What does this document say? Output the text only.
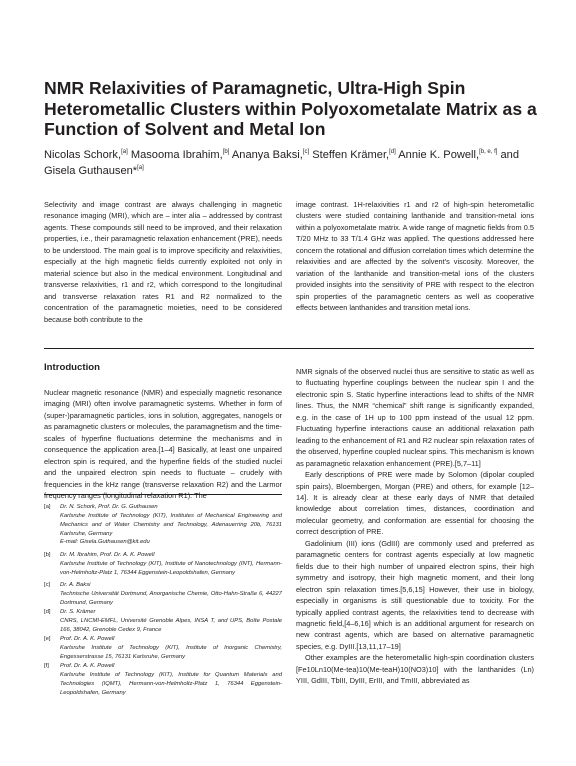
NMR Relaxivities of Paramagnetic, Ultra-High Spin Heterometallic Clusters within Polyoxometalate Matrix as a Function of Solvent and Metal Ion
Nicolas Schork,[a] Masooma Ibrahim,[b] Ananya Baksi,[c] Steffen Krämer,[d] Annie K. Powell,[b, e, f] and Gisela Guthausen*[a]

Selectivity and image contrast are always challenging in magnetic resonance imaging (MRI), which are – inter alia – addressed by contrast agents. These compounds still need to be improved, and their relaxation properties, i.e., their paramagnetic relaxation enhancement (PRE), needs to be understood. The main goal is to improve specificity and relaxivities, especially at the high magnetic fields currently exploited not only in material science but also in the medical environment. Longitudinal and transverse relaxivities, r1 and r2, which correspond to the longitudinal and transverse relaxation rates R1 and R2 normalized to the concentration of the paramagnetic moieties, need to be considered because both contribute to the

image contrast. 1H-relaxivities r1 and r2 of high-spin heterometallic clusters were studied containing lanthanide and transition-metal ions within a polyoxometalate matrix. A wide range of magnetic fields from 0.5 T/20 MHz to 33 T/1.4 GHz was applied. The questions addressed here concern the rotational and diffusion correlation times which determine the relaxivities and are affected by the solvent's viscosity. Moreover, the variation of the lanthanide and transition-metal ions of the clusters provided insights into the sensitivity of PRE with respect to the electron spin properties of the paramagnetic centers as well as cooperative effects between lanthanides and transition metal ions.

Introduction

Nuclear magnetic resonance (NMR) and especially magnetic resonance imaging (MRI) often involve paramagnetic systems. Whether in form of (super-)paramagnetic particles, ions in solution, aggregates, nanogels or as paramagnetic clusters or molecules, the paramagnetism and the time-scales of hyperfine fluctuations determine the mechanisms and in consequence the application area.[1–4] Basically, at least one unpaired electron spin is required, and the hyperfine fields of the studied nuclei and the unpaired electron spin needs to fluctuate – crudely with frequencies in the kHz range (transverse relaxation R2) and the Larmor frequency ranges (longitudinal relaxation R1). The

[a] Dr. N. Schork, Prof. Dr. G. Guthausen
Karlsruhe Institute of Technology (KIT), Institutes of Mechanical Engineering and Mechanics and of Water Chemistry and Technology, Adenauerring 20b, 76131 Karlsruhe, Germany
E-mail: Gisela.Guthausen@kit.edu
[b] Dr. M. Ibrahim, Prof. Dr. A. K. Powell
Karlsruhe Institute of Technology (KIT), Institute of Nanotechnology (INT), Hermann-von-Helmholtz-Platz 1, 76344 Eggenstein-Leopoldshafen, Germany
[c] Dr. A. Baksi
Technische Universität Dortmund, Anorganische Chemie, Otto-Hahn-Straße 6, 44227 Dortmund, Germany
[d] Dr. S. Krämer
CNRS, LNCMI-EMFL, Université Grenoble Alpes, INSA T, and UPS, Boîte Postale 166, 38042, Grenoble Cedex 9, France
[e] Prof. Dr. A. K. Powell
Karlsruhe Institute of Technology (KIT), Institute of Inorganic Chemistry, Engesserstrasse 15, 76131 Karlsruhe, Germany
[f] Prof. Dr. A. K. Powell
Karlsruhe Institute of Technology (KIT), Institute for Quantum Materials and Technologies (IQMT), Hermann-von-Helmholtz-Platz 1, 76344 Eggenstein-Leopoldshafen, Germany

NMR signals of the observed nuclei thus are sensitive to static as well as to fluctuating hyperfine couplings between the nuclear spin I and the electronic spin S. Static hyperfine interactions lead to shifts of the NMR lines. Thus, the NMR “chemical” shift range is significantly expanded, e.g. in the case of 1H up to 100 ppm instead of the usual 12 ppm. Fluctuating hyperfine interactions cause an additional relaxation path leading to the enhancement of R1 and R2 nuclear spin relaxation rates of the observed, hyperfine coupled nuclear spins. This mechanism is known as paramagnetic relaxation enhancement (PRE).[5,7–11]

Early descriptions of PRE were made by Solomon (dipolar coupled spin pairs), Bloembergen, Morgan (PRE) and others, for example [12–14]. It is already clear at these early days of NMR that detailed knowledge about correlation times, distances, coordination and molecular geometry, and conformation are essential for choosing the correct description of PRE.

Gadolinium (III) ions (GdIII) are commonly used and preferred as paramagnetic centers for contrast agents especially at low magnetic fields due to their high number of unpaired electron spins, their high symmetry and isotropy, their high magnetic moment, and their long electron spin relaxation times.[5,6,15] However, their use in biology, especially in organisms is still questionable due to toxicity. For the typically applied contrast agents, the relaxivities tend to decrease with magnetic field,[4–6,16] which is an additional argument for research on new contrast agents, which are based on alternative paramagnetic species, e.g. DyIII.[13,11,17–19]

Other examples are the heterometallic high-spin coordination clusters [Fe10Ln10(Me-tea)10(Me-teaH)10(NO3)10] with the lanthanides (Ln) YIII, GdIII, TbIII, DyIII, ErIII, and TmIII, abbreviated as
